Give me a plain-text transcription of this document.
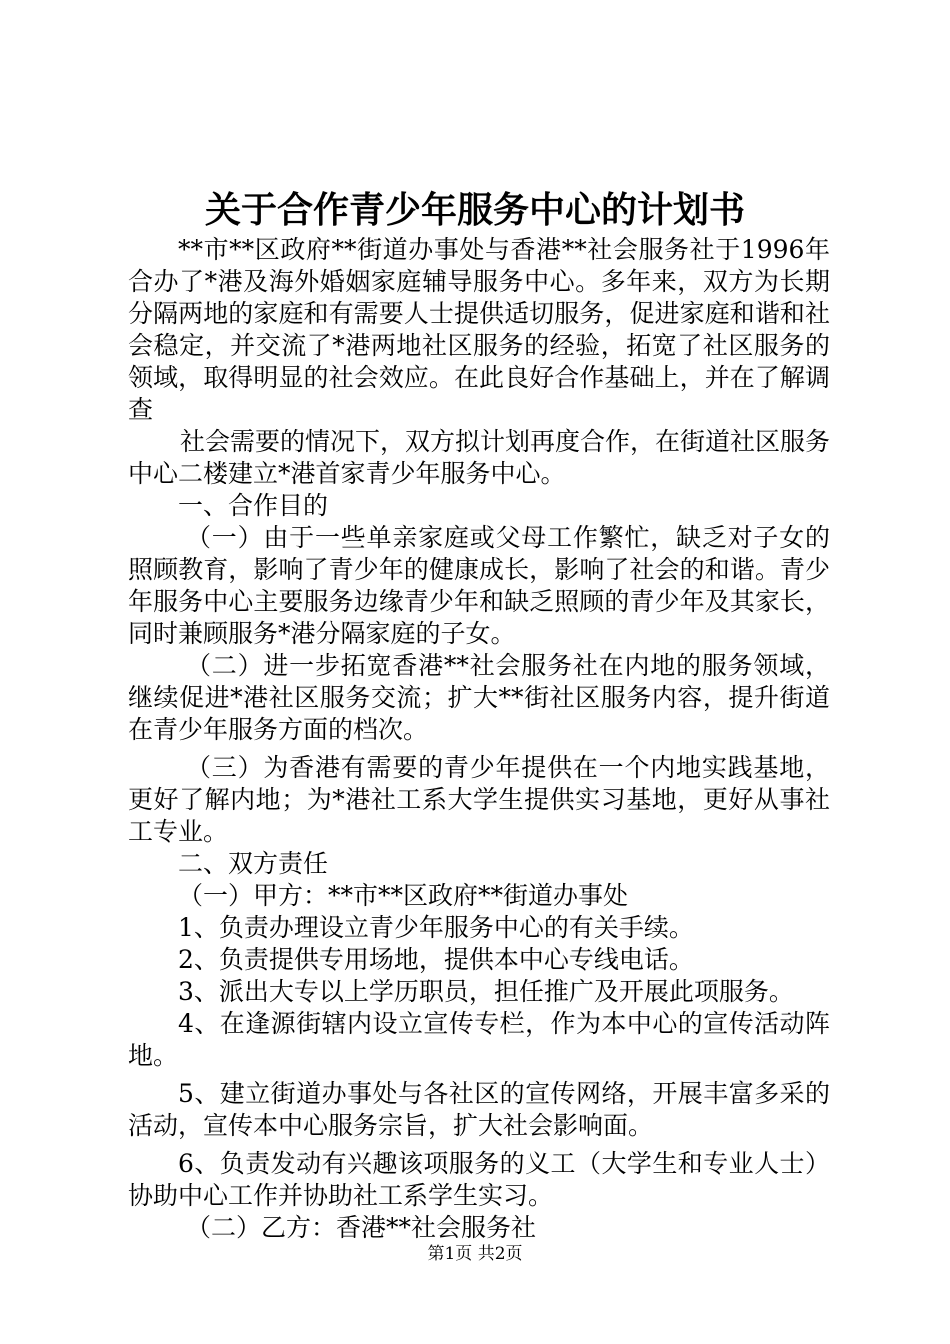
关于合作青少年服务中心的计划书

**市**区政府**街道办事处与香港**社会服务社于1996年合办了*港及海外婚姻家庭辅导服务中心。多年来，双方为长期分隔两地的家庭和有需要人士提供适切服务，促进家庭和谐和社会稳定，并交流了*港两地社区服务的经验，拓宽了社区服务的领域，取得明显的社会效应。在此良好合作基础上，并在了解调查

社会需要的情况下，双方拟计划再度合作，在街道社区服务中心二楼建立*港首家青少年服务中心。

一、合作目的

（一）由于一些单亲家庭或父母工作繁忙，缺乏对子女的照顾教育，影响了青少年的健康成长，影响了社会的和谐。青少年服务中心主要服务边缘青少年和缺乏照顾的青少年及其家长，同时兼顾服务*港分隔家庭的子女。

（二）进一步拓宽香港**社会服务社在内地的服务领域，继续促进*港社区服务交流；扩大**街社区服务内容，提升街道在青少年服务方面的档次。

（三）为香港有需要的青少年提供在一个内地实践基地，更好了解内地；为*港社工系大学生提供实习基地，更好从事社工专业。

二、双方责任

（一）甲方：**市**区政府**街道办事处

1、负责办理设立青少年服务中心的有关手续。

2、负责提供专用场地，提供本中心专线电话。

3、派出大专以上学历职员，担任推广及开展此项服务。

4、在逢源街辖内设立宣传专栏，作为本中心的宣传活动阵地。

5、建立街道办事处与各社区的宣传网络，开展丰富多采的活动，宣传本中心服务宗旨，扩大社会影响面。

6、负责发动有兴趣该项服务的义工（大学生和专业人士）协助中心工作并协助社工系学生实习。

（二）乙方：香港**社会服务社

第1页 共2页
